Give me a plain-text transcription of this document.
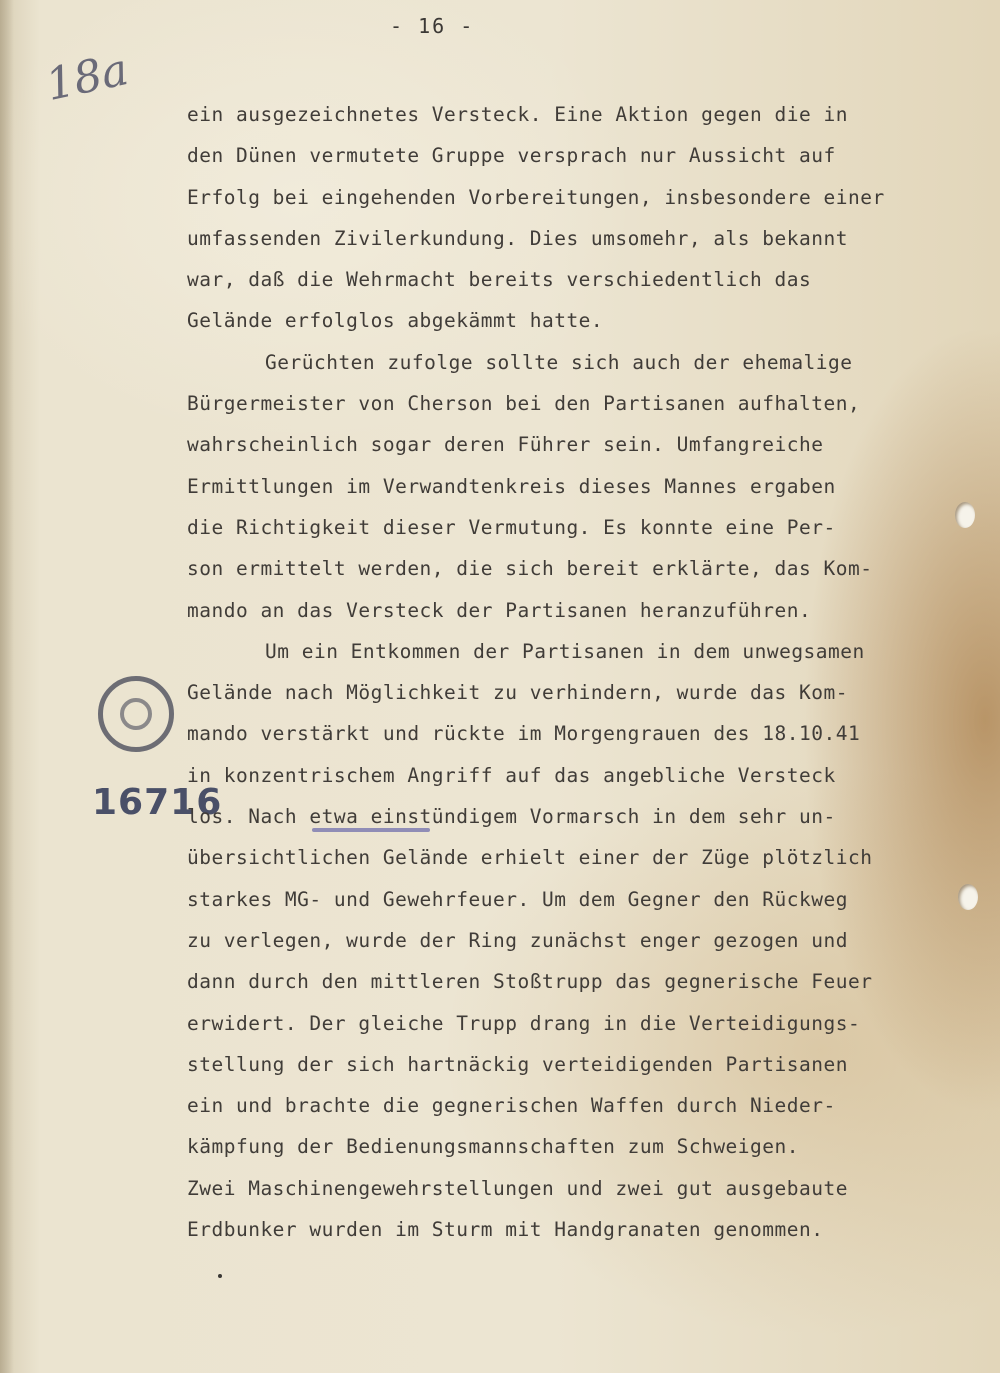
- 16 -
18a
16716
ein ausgezeichnetes Versteck. Eine Aktion gegen die in
den Dünen vermutete Gruppe versprach nur Aussicht auf
Erfolg bei eingehenden Vorbereitungen, insbesondere einer
umfassenden Zivilerkundung. Dies umsomehr, als bekannt
war, daß die Wehrmacht bereits verschiedentlich das
Gelände erfolglos abgekämmt hatte.
Gerüchten zufolge sollte sich auch der ehemalige
Bürgermeister von Cherson bei den Partisanen aufhalten,
wahrscheinlich sogar deren Führer sein. Umfangreiche
Ermittlungen im Verwandtenkreis dieses Mannes ergaben
die Richtigkeit dieser Vermutung. Es konnte eine Per-
son ermittelt werden, die sich bereit erklärte, das Kom-
mando an das Versteck der Partisanen heranzuführen.
Um ein Entkommen der Partisanen in dem unwegsamen
Gelände nach Möglichkeit zu verhindern, wurde das Kom-
mando verstärkt und rückte im Morgengrauen des 18.10.41
in konzentrischem Angriff auf das angebliche Versteck
los. Nach etwa einstündigem Vormarsch in dem sehr un-
übersichtlichen Gelände erhielt einer der Züge plötzlich
starkes MG- und Gewehrfeuer. Um dem Gegner den Rückweg
zu verlegen, wurde der Ring zunächst enger gezogen und
dann durch den mittleren Stoßtrupp das gegnerische Feuer
erwidert. Der gleiche Trupp drang in die Verteidigungs-
stellung der sich hartnäckig verteidigenden Partisanen
ein und brachte die gegnerischen Waffen durch Nieder-
kämpfung der Bedienungsmannschaften zum Schweigen.
Zwei Maschinengewehrstellungen und zwei gut ausgebaute
Erdbunker wurden im Sturm mit Handgranaten genommen.
